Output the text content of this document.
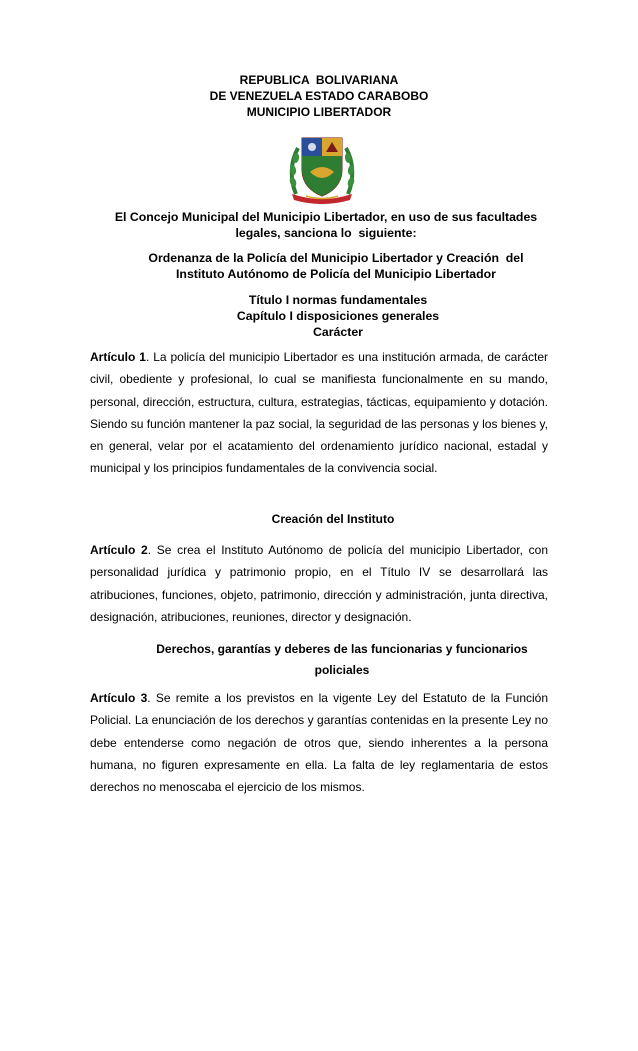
REPUBLICA  BOLIVARIANA
DE VENEZUELA ESTADO CARABOBO
MUNICIPIO LIBERTADOR
El Concejo Municipal del Municipio Libertador, en uso de sus facultades
legales, sanciona lo  siguiente:
Ordenanza de la Policía del Municipio Libertador y Creación  del
Instituto Autónomo de Policía del Municipio Libertador
Título I normas fundamentales
Capítulo I disposiciones generales
Carácter
Artículo 1. La policía del municipio Libertador es una institución armada, de carácter civil, obediente y profesional, lo cual se manifiesta funcionalmente en su mando, personal, dirección, estructura, cultura, estrategias, tácticas, equipamiento y dotación. Siendo su función mantener la paz social, la seguridad de las personas y los bienes y, en general, velar por el acatamiento del ordenamiento jurídico nacional, estadal y municipal y los principios fundamentales de la convivencia social.
Creación del Instituto
Artículo 2. Se crea el Instituto Autónomo de policía del municipio Libertador, con personalidad jurídica y patrimonio propio, en el Título IV se desarrollará las atribuciones, funciones, objeto, patrimonio, dirección y administración, junta directiva, designación, atribuciones, reuniones, director y designación.
Derechos, garantías y deberes de las funcionarias y funcionarios
policiales
Artículo 3. Se remite a los previstos en la vigente Ley del Estatuto de la Función Policial. La enunciación de los derechos y garantías contenidas en la presente Ley no debe entenderse como negación de otros que, siendo inherentes a la persona humana, no figuren expresamente en ella. La falta de ley reglamentaria de estos derechos no menoscaba el ejercicio de los mismos.
